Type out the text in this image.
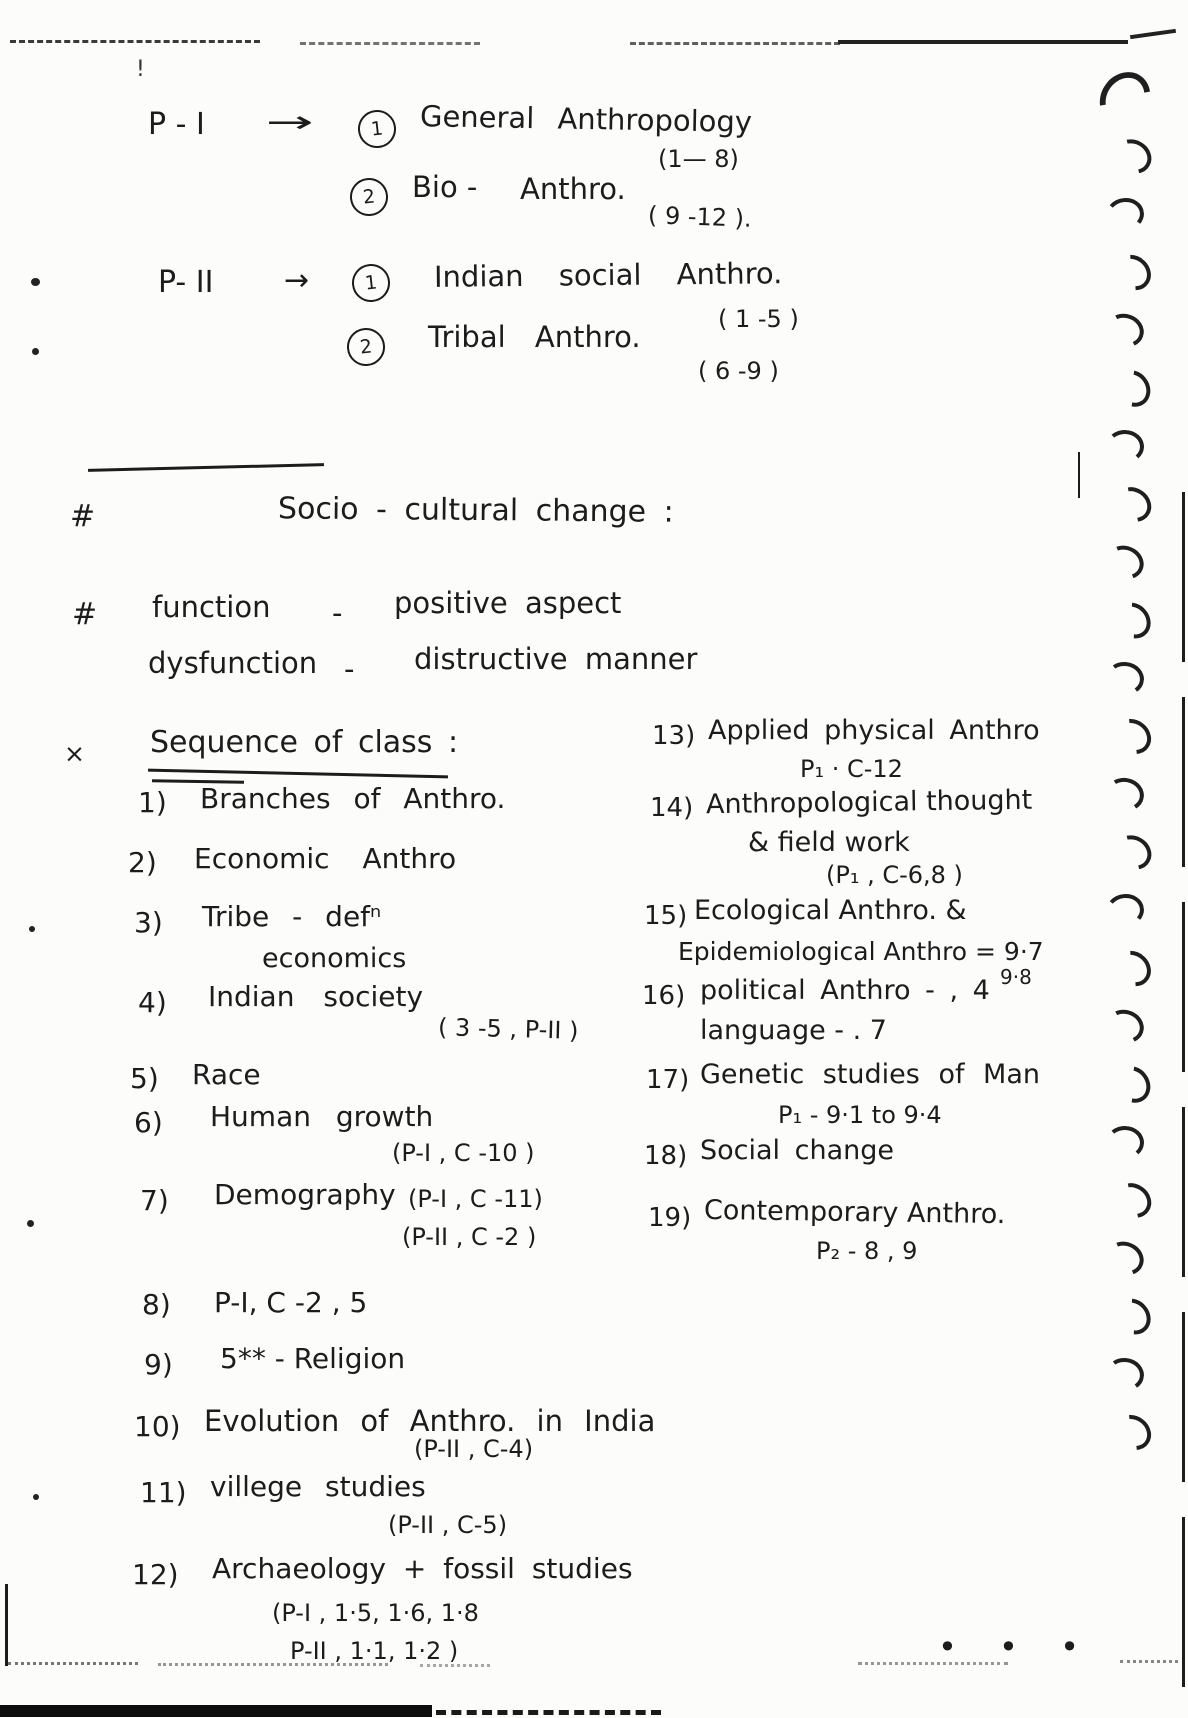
!
P - I →	1	General Anthropology
(1— 8)
2	Bio - Anthro.
( 9 -12 ).
P- II →	1	Indian social Anthro.
( 1 -5 )
2	Tribal Anthro.
( 6 -9 )
#	Socio - cultural change :
# function - positive aspect
dysfunction - distructive manner
× Sequence of class :
1) Branches of Anthro.
2) Economic Anthro
3) Tribe - defⁿ
economics
4) Indian society
( 3 -5 , P-II )
5) Race
6) Human growth
(P-I , C -10 )
7) Demography (P-I , C -11)
(P-II , C -2 )
8) P-I, C -2 , 5
9) 5** - Religion
10) Evolution of Anthro. in India
(P-II , C-4)
11) villege studies
(P-II , C-5)
12) Archaeology + fossil studies
(P-I , 1·5, 1·6, 1·8
P-II , 1·1, 1·2 )
13) Applied physical Anthro
P₁ · C-12
14) Anthropological thought
& field work
(P₁ , C-6,8 )
15) Ecological Anthro. &
Epidemiological Anthro = 9·7
9·8
16) political Anthro - , 4
language - . 7
17) Genetic studies of Man
P₁ - 9·1 to 9·4
18) Social change
19) Contemporary Anthro.
P₂ - 8 , 9
• • •
